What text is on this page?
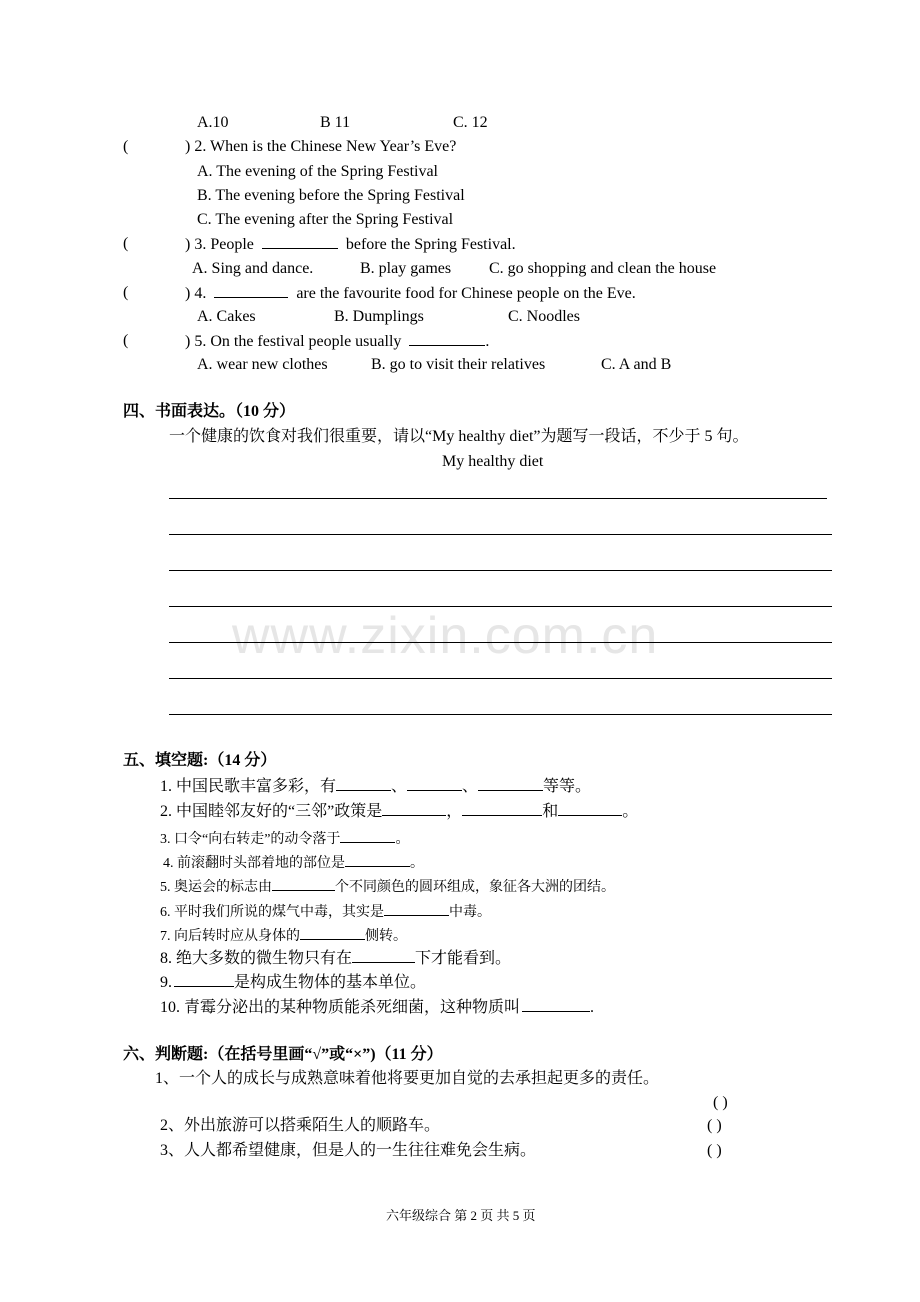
www.zixin.com.cn
A.10	B 11	C. 12
(	) 2. When is the Chinese New Year’s Eve?
A. The evening of the Spring Festival
B. The evening before the Spring Festival
C. The evening after the Spring Festival
(	) 3. People	before the Spring Festival.
A. Sing and dance.	B. play games C. go shopping and clean the house
(	) 4.	are the favourite food for Chinese people on the Eve.
A. Cakes	B. Dumplings	C. Noodles
(	) 5. On the festival people usually	.
A. wear new clothes	B. go to visit their relatives	C. A and B
四、书面表达。（10 分）
一个健康的饮食对我们很重要，请以“My healthy diet”为题写一段话，不少于 5 句。
My healthy diet
五、填空题:（14 分）
1. 中国民歌丰富多彩，有	、	、	等等。
2. 中国睦邻友好的“三邻”政策是	，	和	。
3. 口令“向右转走”的动令落于	。
4. 前滚翻时头部着地的部位是	。
5. 奥运会的标志由	个不同颜色的圆环组成，象征各大洲的团结。
6. 平时我们所说的煤气中毒，其实是	中毒。
7. 向后转时应从身体的	侧转。
8. 绝大多数的微生物只有在	下才能看到。
9.	是构成生物体的基本单位。
10. 青霉分泌出的某种物质能杀死细菌，这种物质叫	.
六、判断题:（在括号里画“√”或“×”)（11 分）
1、一个人的成长与成熟意味着他将要更加自觉的去承担起更多的责任。
( )
2、外出旅游可以搭乘陌生人的顺路车。	( )
3、人人都希望健康，但是人的一生往往难免会生病。	( )
六年级综合 第 2 页 共 5 页
